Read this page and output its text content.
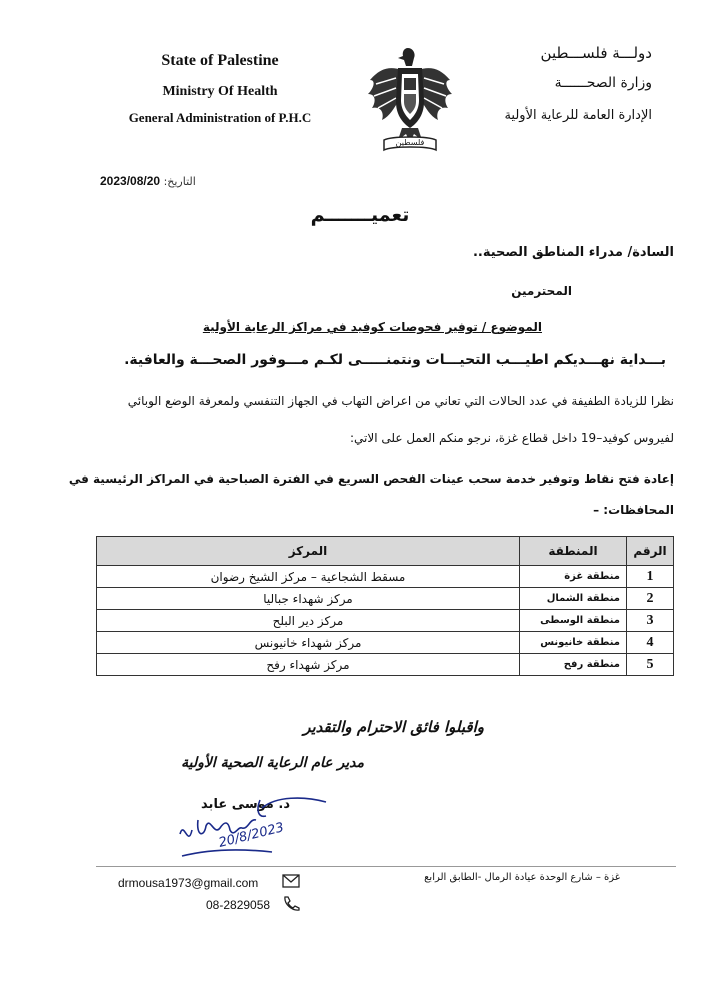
State of Palestine
Ministry Of Health
General Administration of P.H.C
دولـــة فلســـطين
وزارة الصحــــــة
الإدارة العامة للرعاية الأولية
فلسطين
التاريخ: 2023/08/20
تعميـــــــم
السادة/ مدراء المناطق الصحية..
المحترمين
الموضوع / توفير فحوصات كوفيد في مراكز الرعاية الأولية
بـــداية نهـــديكم اطيـــب التحيـــات ونتمنـــــى لكـم مـــوفور الصحـــة والعافية.
نظرا للزيادة الطفيفة في عدد الحالات التي تعاني من اعراض التهاب في الجهاز التنفسي ولمعرفة الوضع الوبائي
لفيروس كوفيد–19 داخل قطاع غزة، نرجو منكم العمل على الاتي:
إعادة فتح نقاط وتوفير خدمة سحب عينات الفحص السريع في الفترة الصباحية في المراكز الرئيسية في
المحافظات: –
الرقم	المنطقة	المركز
1	منطقة غزة	مسقط الشجاعية – مركز الشيخ رضوان
2	منطقة الشمال	مركز شهداء جباليا
3	منطقة الوسطى	مركز دير البلح
4	منطقة خانيونس	مركز شهداء خانيونس
5	منطقة رفح	مركز شهداء رفح
واقبلوا فائق الاحترام والتقدير
مدير عام الرعاية الصحية الأولية
د. موسى عابد
20/8/2023
drmousa1973@gmail.com
08-2829058
غزة – شارع الوحدة عيادة الرمال -الطابق الرابع
